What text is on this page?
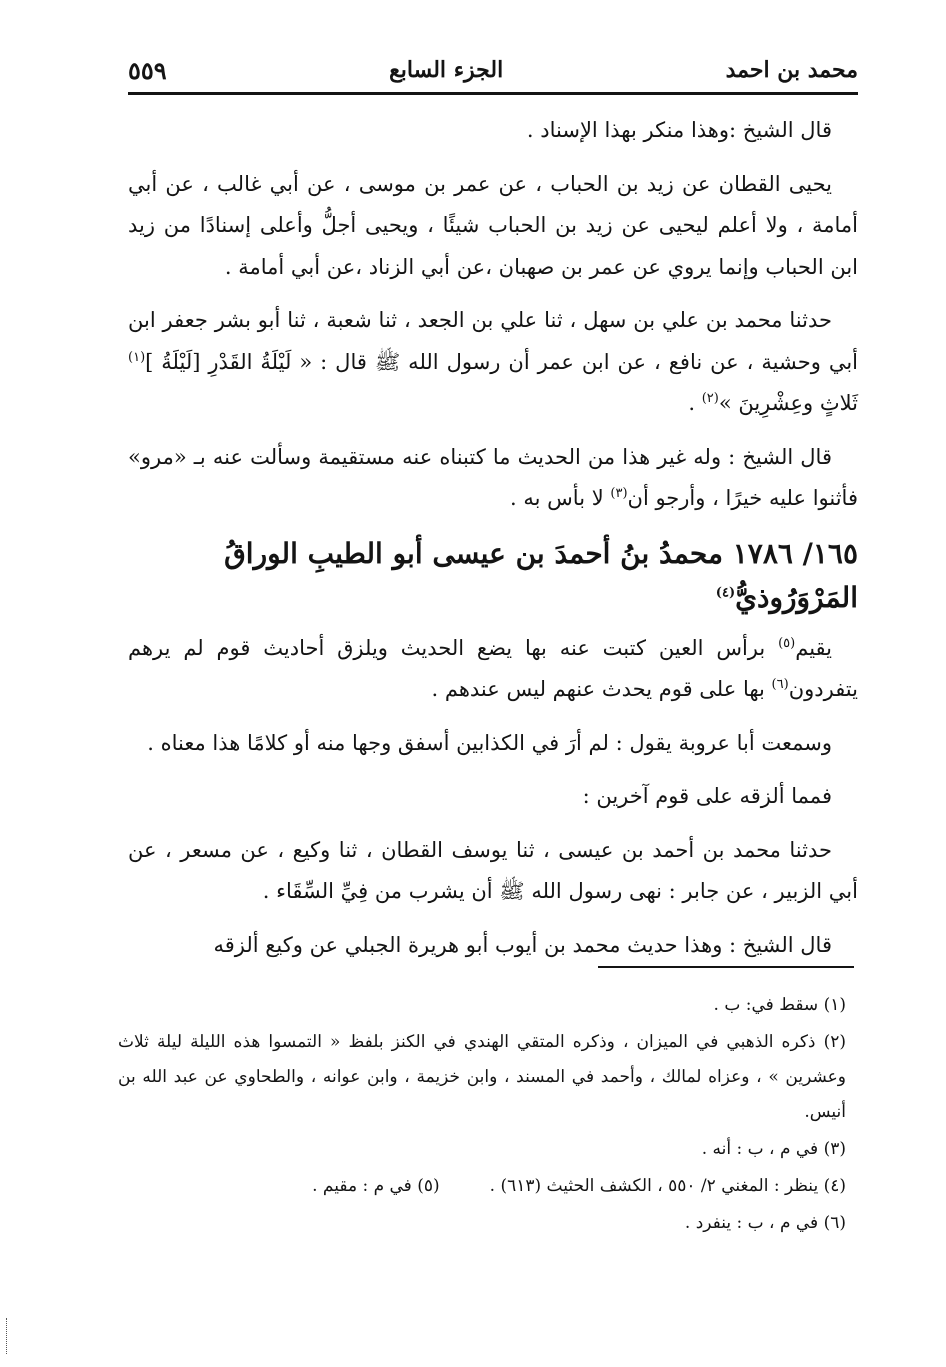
محمد بن احمد
الجزء السابع
٥٥٩

قال الشيخ :وهذا منكر بهذا الإسناد .

يحيى القطان عن زيد بن الحباب ، عن عمر بن موسى ، عن أبي غالب ، عن أبي أمامة ، ولا أعلم ليحيى عن زيد بن الحباب شيئًا ، ويحيى أجلُّ وأعلى إسنادًا من زيد ابن الحباب وإنما يروي عن عمر بن صهبان ،عن أبي الزناد ،عن أبي أمامة .

حدثنا محمد بن علي بن سهل ، ثنا علي بن الجعد ، ثنا شعبة ، ثنا أبو بشر جعفر ابن أبي وحشية ، عن نافع ، عن ابن عمر أن رسول الله ﷺ قال : « لَيْلَةُ القَدْرِ [لَيْلَةُ ]$^{(١)}$ ثَلاثٍ وعِشْرِينَ »$^{(٢)}$ .

قال الشيخ : وله غير هذا من الحديث ما كتبناه عنه مستقيمة وسألت عنه بـ «مرو» فأثنوا عليه خيرًا ، وأرجو أن$^{(٣)}$ لا بأس به .

١٦٥/ ١٧٨٦ محمدُ بنُ أحمدَ بن عيسى أبو الطيبِ الوراقُ المَرْوَرُوذيُّ$^{(٤)}$

يقيم$^{(٥)}$ برأس العين كتبت عنه بها يضع الحديث ويلزق أحاديث قوم لم يرهم يتفردون$^{(٦)}$ بها على قوم يحدث عنهم ليس عندهم .

وسمعت أبا عروبة يقول : لم أرَ في الكذابين أسفق وجها منه أو كلامًا هذا معناه .

فمما ألزقه على قوم آخرين :

حدثنا محمد بن أحمد بن عيسى ، ثنا يوسف القطان ، ثنا وكيع ، عن مسعر ، عن أبي الزبير ، عن جابر : نهى رسول الله ﷺ أن يشرب من فِيِّ السِّقَاء .

قال الشيخ : وهذا حديث محمد بن أيوب أبو هريرة الجبلي عن وكيع ألزقه

(١) سقط في: ب .

(٢) ذكره الذهبي في الميزان ، وذكره المتقي الهندي في الكنز بلفظ « التمسوا هذه الليلة ليلة ثلاث وعشرين » ، وعزاه لمالك ، وأحمد في المسند ، وابن خزيمة ، وابن عوانه ، والطحاوي عن عبد الله بن أنيس.

(٣) في م ، ب : أنه .

(٤) ينظر : المغني ٢/ ٥٥٠ ، الكشف الحثيث (٦١٣) .
(٥) في م : مقيم .

(٦) في م ، ب : ينفرد .
